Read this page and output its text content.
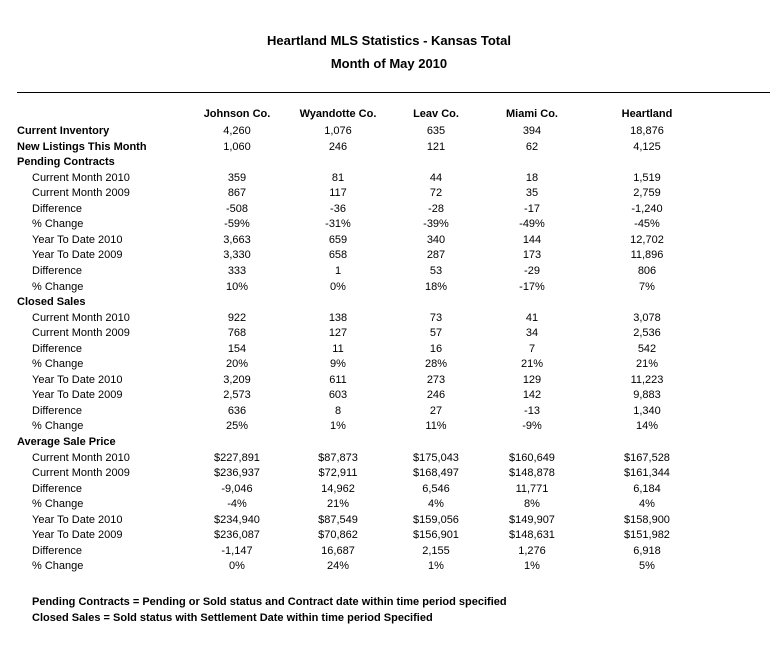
Heartland MLS Statistics - Kansas Total
Month of May 2010
Johnson Co.	Wyandotte Co.	Leav Co.	Miami Co.	Heartland
Current Inventory	4,260	1,076	635	394	18,876
New Listings This Month	1,060	246	121	62	4,125
Pending Contracts
Current Month 2010	359	81	44	18	1,519
Current Month 2009	867	117	72	35	2,759
Difference	-508	-36	-28	-17	-1,240
% Change	-59%	-31%	-39%	-49%	-45%
Year To Date 2010	3,663	659	340	144	12,702
Year To Date 2009	3,330	658	287	173	11,896
Difference	333	1	53	-29	806
% Change	10%	0%	18%	-17%	7%
Closed Sales
Current Month 2010	922	138	73	41	3,078
Current Month 2009	768	127	57	34	2,536
Difference	154	11	16	7	542
% Change	20%	9%	28%	21%	21%
Year To Date 2010	3,209	611	273	129	11,223
Year To Date 2009	2,573	603	246	142	9,883
Difference	636	8	27	-13	1,340
% Change	25%	1%	11%	-9%	14%
Average Sale Price
Current Month 2010	$227,891	$87,873	$175,043	$160,649	$167,528
Current Month 2009	$236,937	$72,911	$168,497	$148,878	$161,344
Difference	-9,046	14,962	6,546	11,771	6,184
% Change	-4%	21%	4%	8%	4%
Year To Date 2010	$234,940	$87,549	$159,056	$149,907	$158,900
Year To Date 2009	$236,087	$70,862	$156,901	$148,631	$151,982
Difference	-1,147	16,687	2,155	1,276	6,918
% Change	0%	24%	1%	1%	5%
Pending Contracts = Pending or Sold status and Contract date within time period specified
Closed Sales = Sold status with Settlement Date within time period Specified
